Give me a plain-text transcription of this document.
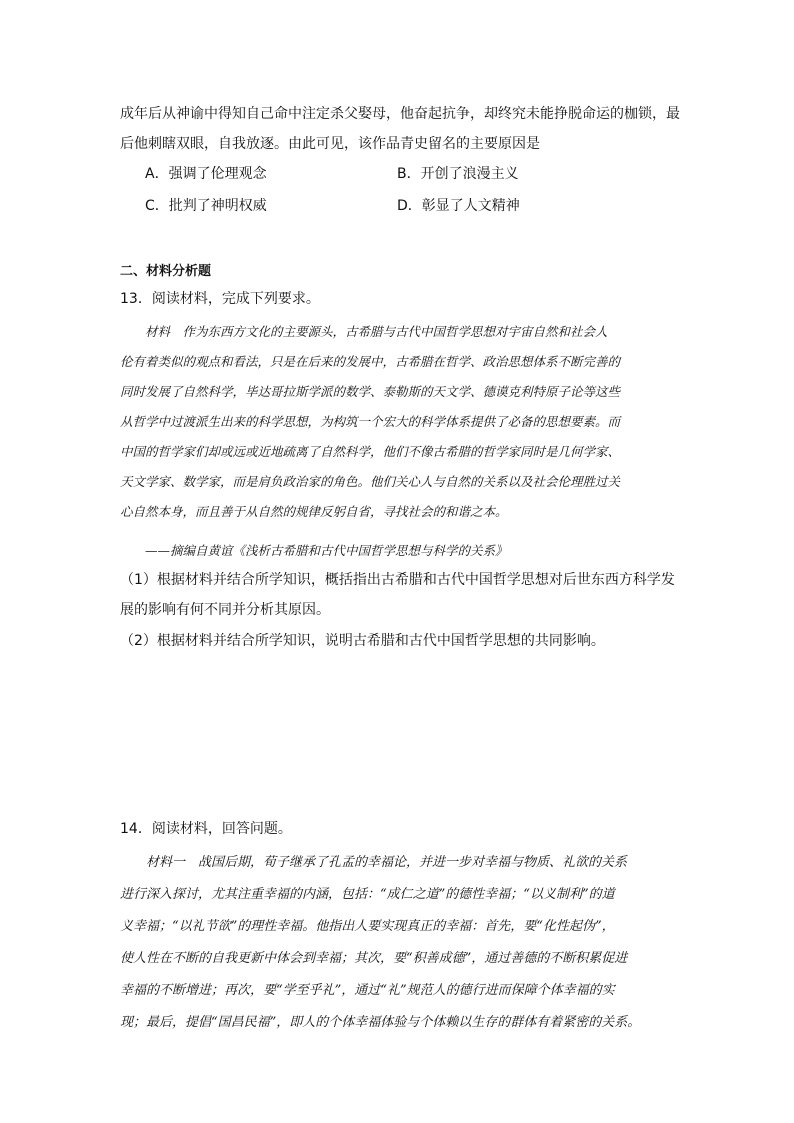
成年后从神谕中得知自己命中注定杀父娶母，他奋起抗争，却终究未能挣脱命运的枷锁，最
后他刺瞎双眼，自我放逐。由此可见，该作品青史留名的主要原因是
A．强调了伦理观念	B．开创了浪漫主义
C．批判了神明权威	D．彰显了人文精神
二、材料分析题
13．阅读材料，完成下列要求。
　　材料　作为东西方文化的主要源头，古希腊与古代中国哲学思想对宇宙自然和社会人
伦有着类似的观点和看法，只是在后来的发展中，古希腊在哲学、政治思想体系不断完善的
同时发展了自然科学，毕达哥拉斯学派的数学、泰勒斯的天文学、德谟克利特原子论等这些
从哲学中过渡派生出来的科学思想，为构筑一个宏大的科学体系提供了必备的思想要素。而
中国的哲学家们却或远或近地疏离了自然科学，他们不像古希腊的哲学家同时是几何学家、
天文学家、数学家，而是肩负政治家的角色。他们关心人与自然的关系以及社会伦理胜过关
心自然本身，而且善于从自然的规律反躬自省，寻找社会的和谐之本。
——摘编自黄谊《浅析古希腊和古代中国哲学思想与科学的关系》
（1）根据材料并结合所学知识，概括指出古希腊和古代中国哲学思想对后世东西方科学发
展的影响有何不同并分析其原因。
（2）根据材料并结合所学知识，说明古希腊和古代中国哲学思想的共同影响。
14．阅读材料，回答问题。
　　材料一　战国后期，荀子继承了孔孟的幸福论，并进一步对幸福与物质、礼欲的关系
进行深入探讨，尤其注重幸福的内涵，包括：“成仁之道”的德性幸福；“以义制利”的道
义幸福；“以礼节欲”的理性幸福。他指出人要实现真正的幸福：首先，要“化性起伪”，
使人性在不断的自我更新中体会到幸福；其次，要“积善成德”，通过善德的不断积累促进
幸福的不断增进；再次，要“学至乎礼”，通过“礼”规范人的德行进而保障个体幸福的实
现；最后，提倡“国昌民福”，即人的个体幸福体验与个体赖以生存的群体有着紧密的关系。
